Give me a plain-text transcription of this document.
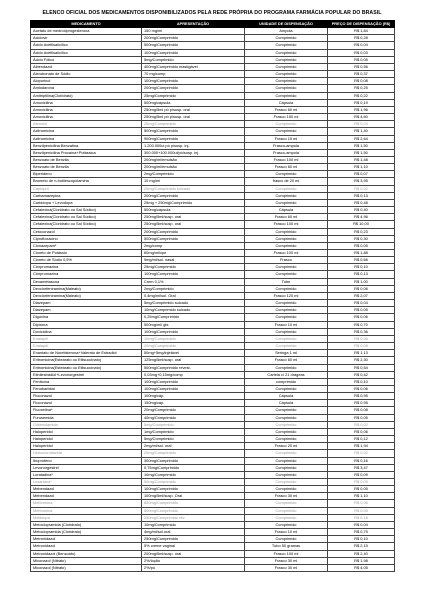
ELENCO OFICIAL DOS MEDICAMENTOS DISPONIBILIZADOS PELA REDE PRÓPRIA DO PROGRAMA FARMÁCIA POPULAR DO BRASIL
MEDICAMENTO	APRESENTAÇÃO	UNIDADE DE DISPENSAÇÃO	PREÇO DE DISPENSAÇÃO (R$)
Acetato de medroxiprogesterona	150 mg/ml	Ampola	R$ 1,84
Aciclovir	200mg/Comprimido	Comprimido	R$ 0,28
Ácido Acetilsalicílico	500mg/Comprimido	Comprimido	R$ 0,04
Ácido Acetilsalicílico	100mg/Comprimido	Comprimido	R$ 0,03
Ácido Fólico	5mg/Comprimido	Comprimido	R$ 0,05
Albendazol	400mg/Comprimido mastigável	Comprimido	R$ 0,56
Alendronato de Sódio	70 mg/comp	Comprimido	R$ 0,37
Alopurinol	100mg/Comprimido	Comprimido	R$ 0,08
Amiodarona	200mg/Comprimido	Comprimido	R$ 0,25
Amitriptilina(Cloridrato)	25mg/Comprimido	Comprimido	R$ 0,22
Amoxicilina	500mg/cápsula	Cápsula	R$ 0,19
Amoxicilina	250mg/5ml pó p/susp. oral	Frasco 60 ml	R$ 1,96
Amoxicilina	250mg/5ml pó p/susp. oral	Frasco 150 ml	R$ 4,60
Atenolol	25mg/Comprimido	Comprimido	R$ 0,04
Azitromicina	500mg/Comprimido	Comprimido	R$ 1,40
Azitromicina	900mg/Comprimido	Frasco 15 ml	R$ 2,64
Benzilpenicilina Benzatina	1.200.000ui pó p/susp. inj.	Frasco-ampola	R$ 1,50
Benzilpenicilina Procaína+Potássica	300.000+100.000ui/pó/susp. inj.	Frasco-ampola	R$ 1,50
Benzoato de Benzila	200mg/ml/emulsão	Frasco 100 ml	R$ 1,48
Benzoato de Benzila	200mg/ml/emulsão	Frasco 60 ml	R$ 1,10
Biperideno	2mg/Comprimido	Comprimido	R$ 0,07
Brometo de n-butilescopolamina	10 mg/ml	frasco de 20 ml	R$ 3,95
Captopril	25mg/Comprimido sulcado	Comprimido	R$ 0,02
Carbamazepina	200mg/Comprimido	Comprimido	R$ 0,13
Carbidopa + Levodopa	25mg + 250mg/Comprimido	Comprimido	R$ 0,48
Cefalexina(Cloridrato ou Sal Sódico)	500mg/cápsula	Cápsula	R$ 0,40
Cefalexina(Cloridrato ou Sal Sódico)	250mg/5ml/susp. oral	Frasco 60 ml	R$ 4,96
Cefalexina(Cloridrato ou Sal Sódico)	250mg/5ml/susp. oral	Frasco 100 ml	R$ 10,00
Cetoconazol	200mg/Comprimido	Comprimido	R$ 0,23
Ciprofloxacino	500mg/Comprimido	Comprimido	R$ 0,30
Clonazepam*	2mg/comp	Comprimido	R$ 0,05
Cloreto de Potássio	60mg/ml/xpe	Frasco 100 ml	R$ 1,88
Cloreto de Sódio 0,9%	9mg/ml/sol. nasal	Frasco	R$ 0,66
Clorpromazina	25mg/Comprimido	Comprimido	R$ 0,10
Clorpromazina	100mg/Comprimido	Comprimido	R$ 0,13
Dexametasona	Crem 0,1%	Tube	R$ 1,00
Dexclorfeniramina(Maleato)	2mg/Comprimido	Comprimido	R$ 0,06
Dexclorfeniramina(Maleato)	0,4mg/ml/sol. Oral	Frasco 120 ml	R$ 2,07
Diazepam	5mg/Comprimido sulcado	Comprimido	R$ 0,04
Diazepam	10mg/Comprimido sulcado	Comprimido	R$ 0,05
Digoxina	0,25mg/Comprimido	Comprimido	R$ 0,06
Dipirona	500mg/ml/ gts	Frasco 10 ml	R$ 0,70
Doxiciclina	100mg/Comprimido	Comprimido	R$ 0,36
Enalapril	10mg/Comprimido	Comprimido	R$ 0,06
Enalapril	20mg/Comprimido	Comprimido	R$ 0,08
Enantato de Noretisterona+Valerato de Estradiol	50mg+5mg/injetável	Seringa 1 ml	R$ 1,13
Eritromicina(Estearato ou Etilsuccinato)	125mg/5ml/susp. oral	Frasco 60 ml	R$ 2,30
Eritromicina(Estearato ou Etilsuccinato)	500mg/Comprimido revest.	Comprimido	R$ 0,54
Etinilestradiol+Levonorgestrel	0,03mg+0,15mg/comp	Cartela c/ 21 drágeas	R$ 0,42
Fenitoína	100mg/Comprimido	comprimido	R$ 0,10
Fenobarbital	100mg/Comprimido	Comprimido	R$ 0,06
Fluconazol	100mg/cáp.	Cápsula	R$ 0,95
Fluconazol	150mg/cáp.	Cápsula	R$ 0,95
Fluoxetina*	20mg/Comprimido	Comprimido	R$ 0,08
Furosemida	40mg/Comprimido	Comprimido	R$ 0,05
Glibenclamida	5mg/Comprimido	Comprimido	R$ 0,02
Haloperidol	1mg/Comprimido	Comprimido	R$ 0,06
Haloperidol	5mg/Comprimido	Comprimido	R$ 0,12
Haloperidol	2mg/ml/sol. oral	Frasco 20 ml	R$ 1,94
Hidroclorotiazida	25mg/Comprimido	Comprimido	R$ 0,02
Ibuprofeno	300mg/Comprimido	Comprimido	R$ 0,16
Levonorgestrel	0,75mg/Comprimido	Comprimido	R$ 3,47
Loratadina*	10mg/Comprimido	Comprimido	R$ 0,09
Losartana*	50mg/Comprimido	Comprimido	R$ 0,05
Mebendazol	100mg/Comprimido	Comprimido	R$ 0,05
Mebendazol	100mg/5ml/susp. Oral	Frasco 30 ml	R$ 1,10
Metformina	850mg/Comprimido	Comprimido	R$ 0,06
Metformina	500mg/Comprimido	Comprimido	R$ 0,05
Metildopa	250mg/Comprimido rev.	Comprimido	R$ 0,18
Metoclopramida (Cloridrato)	10mg/Comprimido	Comprimido	R$ 0,04
Metoclopramida (Cloridrato)	4mg/ml/sol.oral	Frasco 10 ml	R$ 0,75
Metronidazol	250mg/Comprimido	Comprimido	R$ 0,10
Metronidazol	5% creme vaginal	Tubo 50 gramas	R$ 2,15
Metronidazol (Benzoato)	200mg/5ml/susp. oral	Frasco 100 ml	R$ 2,40
Miconazol (Nitrato)	2%/loção	Frasco 30 ml	R$ 1,98
Miconazol (Nitrato)	2%/pó	Frasco 30 ml	R$ 4,05
